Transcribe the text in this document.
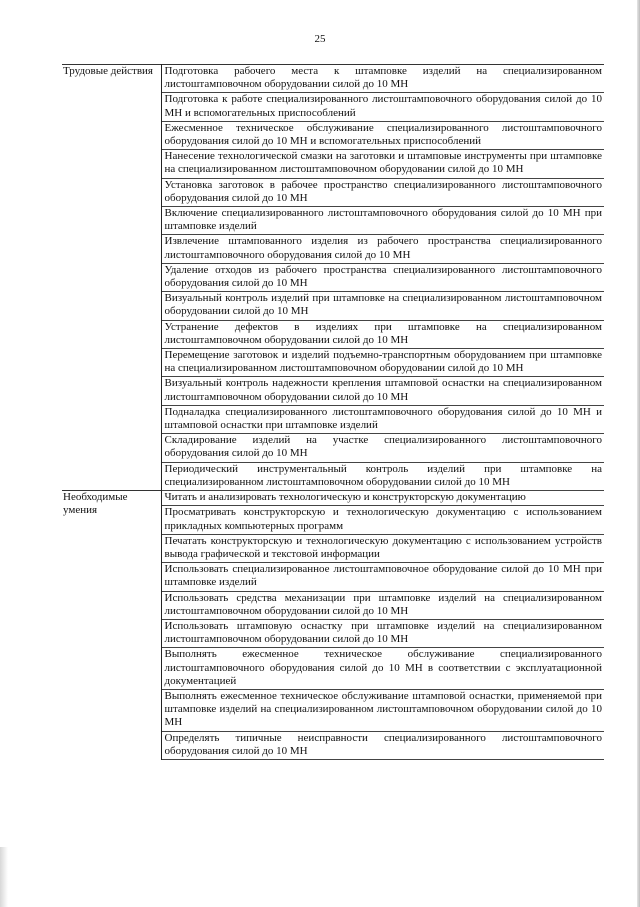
25
Трудовые действия	Подготовка рабочего места к штамповке изделий на специализированном листоштамповочном оборудовании силой до 10 МН
	Подготовка к работе специализированного листоштамповочного оборудования силой до 10 МН и вспомогательных приспособлений
	Ежесменное техническое обслуживание специализированного листоштамповочного оборудования силой до 10 МН и вспомогательных приспособлений
	Нанесение технологической смазки на заготовки и штамповые инструменты при штамповке на специализированном листоштамповочном оборудовании силой до 10 МН
	Установка заготовок в рабочее пространство специализированного листоштамповочного оборудования силой до 10 МН
	Включение специализированного листоштамповочного оборудования силой до 10 МН при штамповке изделий
	Извлечение штампованного изделия из рабочего пространства специализированного листоштамповочного оборудования силой до 10 МН
	Удаление отходов из рабочего пространства специализированного листоштамповочного оборудования силой до 10 МН
	Визуальный контроль изделий при штамповке на специализированном листоштамповочном оборудовании силой до 10 МН
	Устранение дефектов в изделиях при штамповке на специализированном листоштамповочном оборудовании силой до 10 МН
	Перемещение заготовок и изделий подъемно-транспортным оборудованием при штамповке на специализированном листоштамповочном оборудовании силой до 10 МН
	Визуальный контроль надежности крепления штамповой оснастки на специализированном листоштамповочном оборудовании силой до 10 МН
	Подналадка специализированного листоштамповочного оборудования силой до 10 МН и штамповой оснастки при штамповке изделий
	Складирование изделий на участке специализированного листоштамповочного оборудования силой до 10 МН
	Периодический инструментальный контроль изделий при штамповке на специализированном листоштамповочном оборудовании силой до 10 МН
Необходимые умения	Читать и анализировать технологическую и конструкторскую документацию
	Просматривать конструкторскую и технологическую документацию с использованием прикладных компьютерных программ
	Печатать конструкторскую и технологическую документацию с использованием устройств вывода графической и текстовой информации
	Использовать специализированное листоштамповочное оборудование силой до 10 МН при штамповке изделий
	Использовать средства механизации при штамповке изделий на специализированном листоштамповочном оборудовании силой до 10 МН
	Использовать штамповую оснастку при штамповке изделий на специализированном листоштамповочном оборудовании силой до 10 МН
	Выполнять ежесменное техническое обслуживание специализированного листоштамповочного оборудования силой до 10 МН в соответствии с эксплуатационной документацией
	Выполнять ежесменное техническое обслуживание штамповой оснастки, применяемой при штамповке изделий на специализированном листоштамповочном оборудовании силой до 10 МН
	Определять типичные неисправности специализированного листоштамповочного оборудования силой до 10 МН
